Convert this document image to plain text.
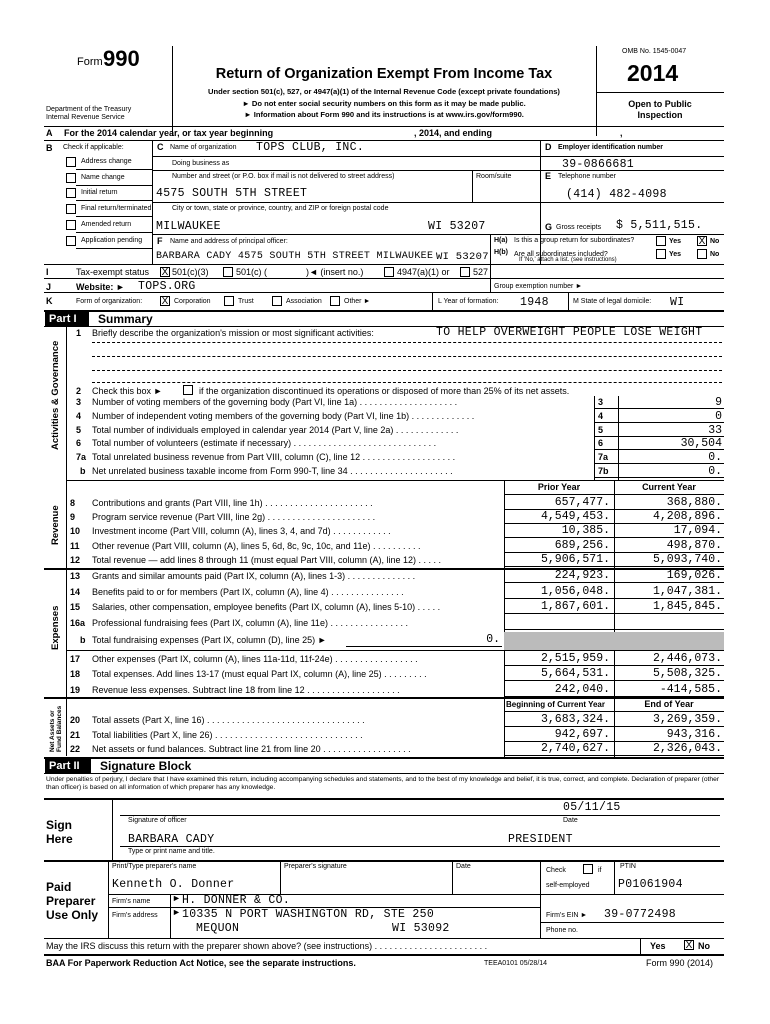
Form 990
Return of Organization Exempt From Income Tax
Under section 501(c), 527, or 4947(a)(1) of the Internal Revenue Code (except private foundations)
► Do not enter social security numbers on this form as it may be made public.
► Information about Form 990 and its instructions is at www.irs.gov/form990.
Department of the Treasury
Internal Revenue Service
OMB No. 1545-0047
2014
Open to Public
Inspection
A For the 2014 calendar year, or tax year beginning	, 2014, and ending	,
B Check if applicable:
Address change
Name change
Initial return
Final return/terminated
Amended return
Application pending
C Name of organization TOPS CLUB, INC.
Doing business as
Number and street (or P.O. box if mail is not delivered to street address)	Room/suite
4575 SOUTH 5TH STREET
City or town, state or province, country, and ZIP or foreign postal code
MILWAUKEE	WI 53207
D Employer identification number
39-0866681
E Telephone number
(414) 482-4098
G Gross receipts $ 5,511,515.
F Name and address of principal officer:
BARBARA CADY 4575 SOUTH 5TH STREET MILWAUKEE WI 53207
H(a) Is this a group return for subordinates?	Yes X No
H(b) Are all subordinates included?
If 'No,' attach a list. (see instructions)
Yes	No
I	Tax-exempt status X 501(c)(3)	501(c) (	)◄ (insert no.)	4947(a)(1) or	527
J	Website: ► TOPS.ORG	Group exemption number ►
K	Form of organization: X Corporation	Trust	Association	Other ►	L Year of formation: 1948	M State of legal domicile: WI
Part I	Summary
Activities & Governance
Revenue
Expenses
Net Assets or Fund Balances
1 Briefly describe the organization's mission or most significant activities:	TO HELP OVERWEIGHT PEOPLE LOSE WEIGHT
2 Check this box ►	if the organization discontinued its operations or disposed of more than 25% of its net assets.
3 Number of voting members of the governing body (Part VI, line 1a) . . . . . . . . . . . . . . . . . . . .	3	9
4 Number of independent voting members of the governing body (Part VI, line 1b) . . . . . . . . . . . . .	4	0
5 Total number of individuals employed in calendar year 2014 (Part V, line 2a) . . . . . . . . . . . . .	5	33
6 Total number of volunteers (estimate if necessary) . . . . . . . . . . . . . . . . . . . . . . . . . . . . .	6	30,504
7a Total unrelated business revenue from Part VIII, column (C), line 12 . . . . . . . . . . . . . . . . . . .	7a	0.
b Net unrelated business taxable income from Form 990-T, line 34 . . . . . . . . . . . . . . . . . . . . .	7b	0.
Prior Year	Current Year
8 Contributions and grants (Part VIII, line 1h) . . . . . . . . . . . . . . . . . . . . . .	657,477.	368,880.
9 Program service revenue (Part VIII, line 2g) . . . . . . . . . . . . . . . . . . . . . .	4,549,453.	4,208,896.
10 Investment income (Part VIII, column (A), lines 3, 4, and 7d) . . . . . . . . . . . .	10,385.	17,094.
11 Other revenue (Part VIII, column (A), lines 5, 6d, 8c, 9c, 10c, and 11e) . . . . . . . . . .	689,256.	498,870.
12 Total revenue — add lines 8 through 11 (must equal Part VIII, column (A), line 12) . . . . .	5,906,571.	5,093,740.
13 Grants and similar amounts paid (Part IX, column (A), lines 1-3) . . . . . . . . . . . . . .	224,923.	169,026.
14 Benefits paid to or for members (Part IX, column (A), line 4) . . . . . . . . . . . . . . .	1,056,048.	1,047,381.
15 Salaries, other compensation, employee benefits (Part IX, column (A), lines 5-10) . . . . .	1,867,601.	1,845,845.
16a Professional fundraising fees (Part IX, column (A), line 11e) . . . . . . . . . . . . . . . .
b Total fundraising expenses (Part IX, column (D), line 25) ►	0.
17 Other expenses (Part IX, column (A), lines 11a-11d, 11f-24e) . . . . . . . . . . . . . . . . .	2,515,959.	2,446,073.
18 Total expenses. Add lines 13-17 (must equal Part IX, column (A), line 25) . . . . . . . . .	5,664,531.	5,508,325.
19 Revenue less expenses. Subtract line 18 from line 12 . . . . . . . . . . . . . . . . . . .	242,040.	-414,585.
Beginning of Current Year	End of Year
20 Total assets (Part X, line 16) . . . . . . . . . . . . . . . . . . . . . . . . . . . . . . . .	3,683,324.	3,269,359.
21 Total liabilities (Part X, line 26) . . . . . . . . . . . . . . . . . . . . . . . . . . . . . .	942,697.	943,316.
22 Net assets or fund balances. Subtract line 21 from line 20 . . . . . . . . . . . . . . . . . .	2,740,627.	2,326,043.
Part II	Signature Block
Under penalties of perjury, I declare that I have examined this return, including accompanying schedules and statements, and to the best of my knowledge and belief, it is true, correct, and complete. Declaration of preparer (other than officer) is based on all information of which preparer has any knowledge.
Sign
Here
05/11/15
Signature of officer	Date
BARBARA CADY	PRESIDENT
Type or print name and title.
Paid
Preparer
Use Only
Print/Type preparer's name	Preparer's signature	Date
Check	if
self-employed
PTIN
Kenneth O. Donner	P01061904
Firm's name ► H. DONNER & CO.
Firm's address ► 10335 N PORT WASHINGTON RD, STE 250	Firm's EIN ► 39-0772498
MEQUON	WI 53092	Phone no.
May the IRS discuss this return with the preparer shown above? (see instructions) . . . . . . . . . . . . . . . . . . . . . . .	Yes X No
BAA For Paperwork Reduction Act Notice, see the separate instructions.	TEEA0101 05/28/14	Form 990 (2014)
